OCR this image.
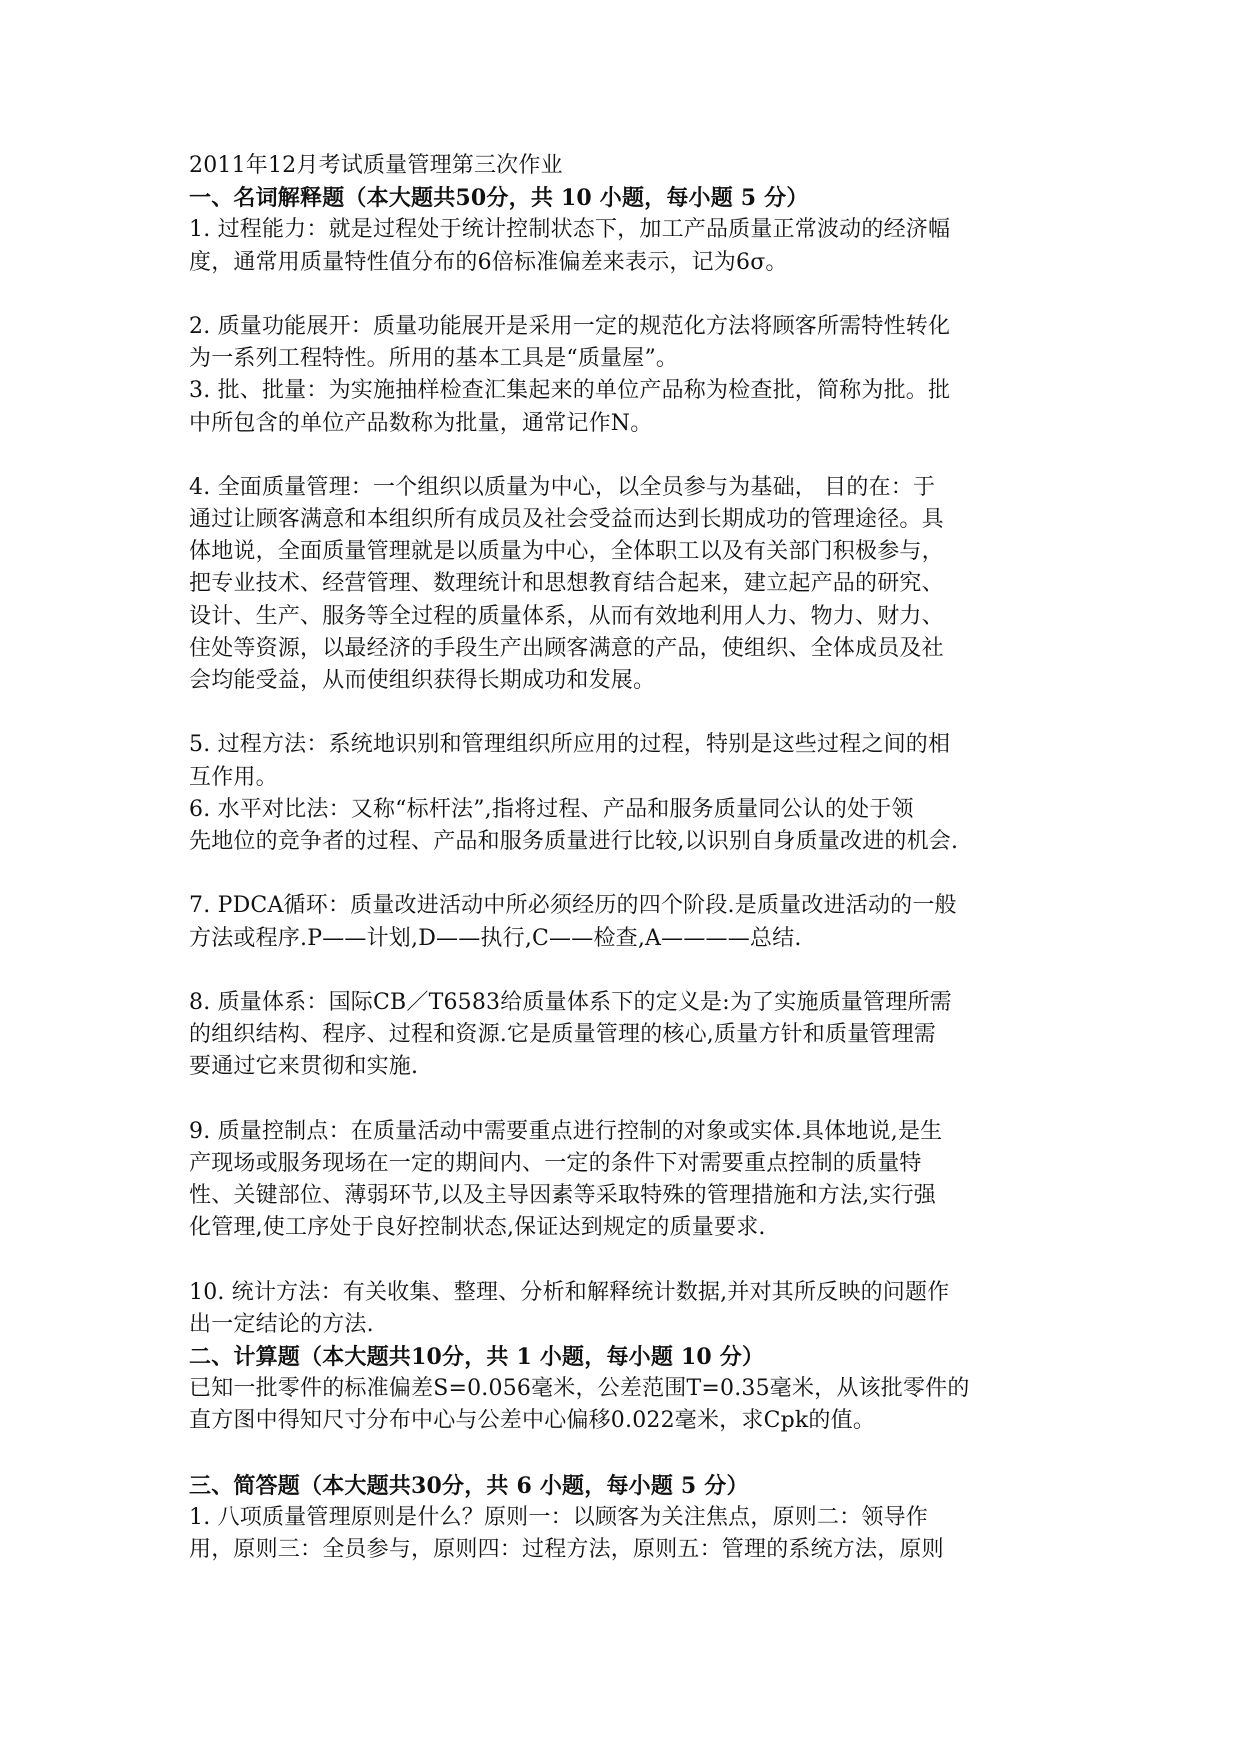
2011年12月考试质量管理第三次作业
一、名词解释题（本大题共50分，共 10 小题，每小题 5 分）
1. 过程能力：就是过程处于统计控制状态下，加工产品质量正常波动的经济幅
度，通常用质量特性值分布的6倍标准偏差来表示，记为6σ。
2. 质量功能展开：质量功能展开是采用一定的规范化方法将顾客所需特性转化
为一系列工程特性。所用的基本工具是“质量屋”。
3. 批、批量：为实施抽样检查汇集起来的单位产品称为检查批，简称为批。批
中所包含的单位产品数称为批量，通常记作N。
4. 全面质量管理：一个组织以质量为中心，以全员参与为基础， 目的在：于
通过让顾客满意和本组织所有成员及社会受益而达到长期成功的管理途径。具
体地说，全面质量管理就是以质量为中心，全体职工以及有关部门积极参与，
把专业技术、经营管理、数理统计和思想教育结合起来，建立起产品的研究、
设计、生产、服务等全过程的质量体系，从而有效地利用人力、物力、财力、
住处等资源，以最经济的手段生产出顾客满意的产品，使组织、全体成员及社
会均能受益，从而使组织获得长期成功和发展。
5. 过程方法：系统地识别和管理组织所应用的过程，特别是这些过程之间的相
互作用。
6. 水平对比法：又称“标杆法”,指将过程、产品和服务质量同公认的处于领
先地位的竞争者的过程、产品和服务质量进行比较,以识别自身质量改进的机会.
7. PDCA循环：质量改进活动中所必须经历的四个阶段.是质量改进活动的一般
方法或程序.P——计划,D——执行,C——检查,A————总结.
8. 质量体系：国际CB／T6583给质量体系下的定义是:为了实施质量管理所需
的组织结构、程序、过程和资源.它是质量管理的核心,质量方针和质量管理需
要通过它来贯彻和实施.
9. 质量控制点：在质量活动中需要重点进行控制的对象或实体.具体地说,是生
产现场或服务现场在一定的期间内、一定的条件下对需要重点控制的质量特
性、关键部位、薄弱环节,以及主导因素等采取特殊的管理措施和方法,实行强
化管理,使工序处于良好控制状态,保证达到规定的质量要求.
10. 统计方法：有关收集、整理、分析和解释统计数据,并对其所反映的问题作
出一定结论的方法.
二、计算题（本大题共10分，共 1 小题，每小题 10 分）
已知一批零件的标准偏差S=0.056毫米，公差范围T=0.35毫米，从该批零件的
直方图中得知尺寸分布中心与公差中心偏移0.022毫米，求Cpk的值。
三、简答题（本大题共30分，共 6 小题，每小题 5 分）
1. 八项质量管理原则是什么？原则一：以顾客为关注焦点，原则二：领导作
用，原则三：全员参与，原则四：过程方法，原则五：管理的系统方法，原则
